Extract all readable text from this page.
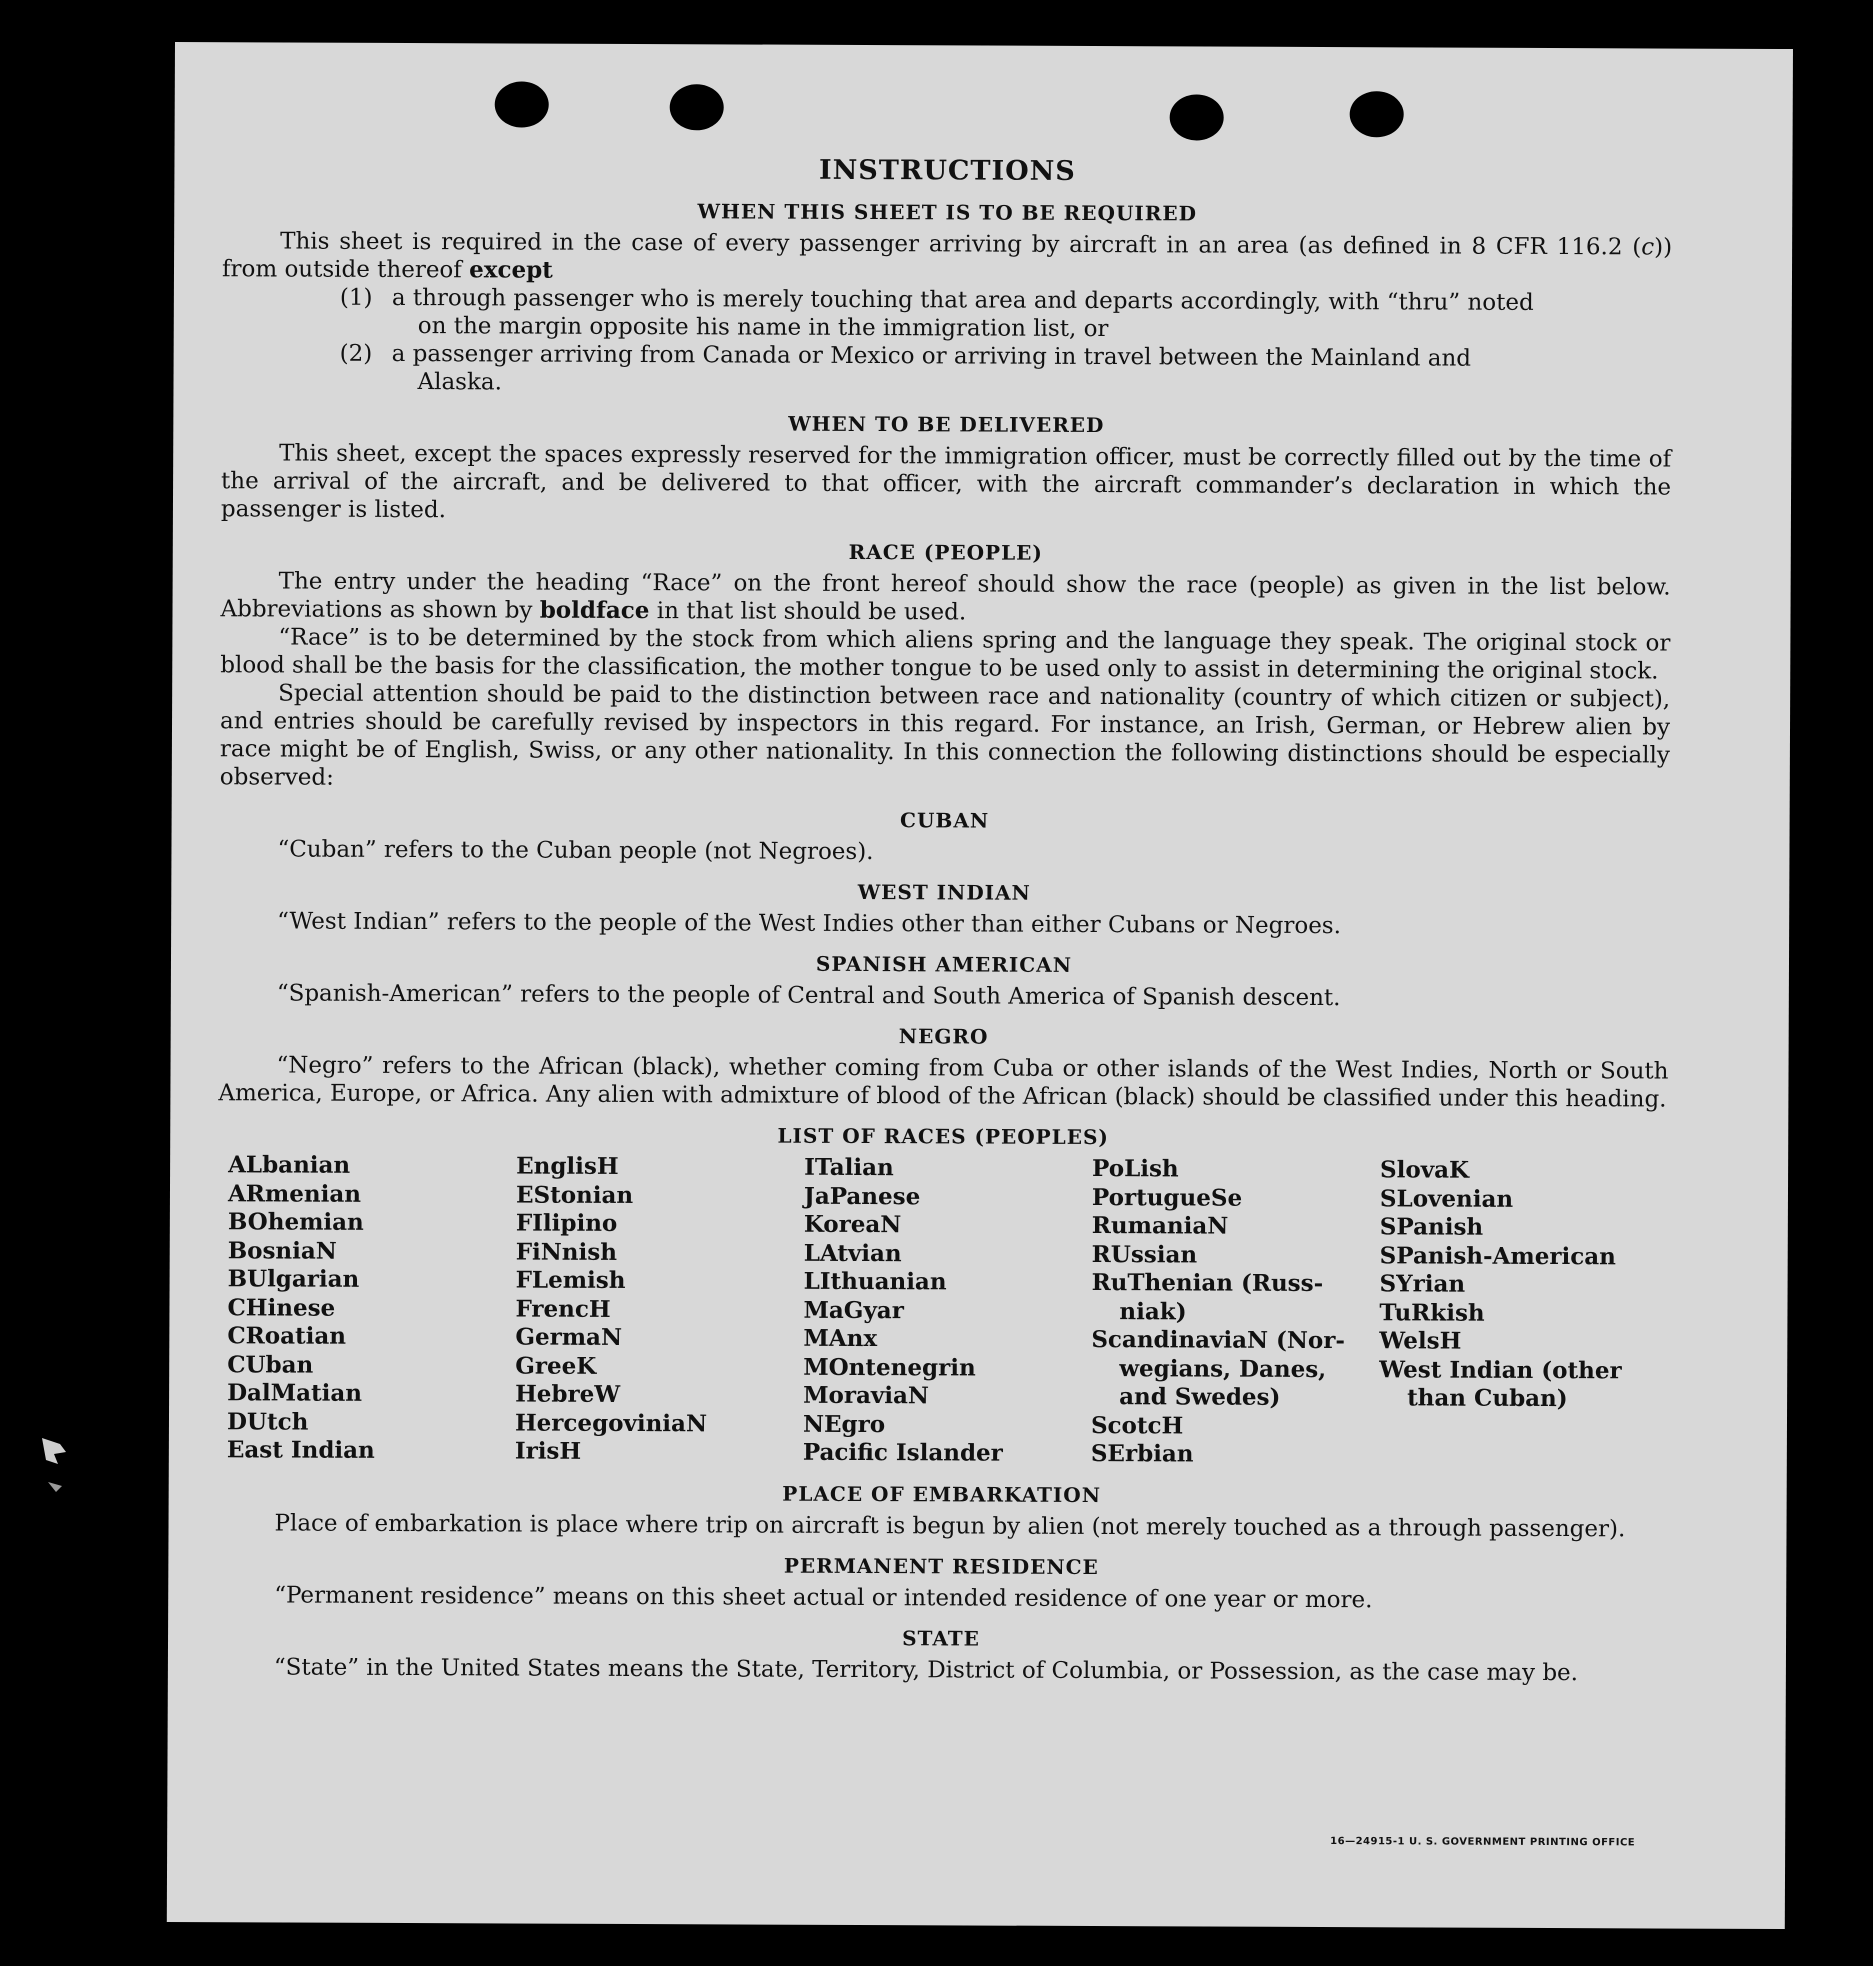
INSTRUCTIONS
WHEN THIS SHEET IS TO BE REQUIRED

This sheet is required in the case of every passenger arriving by aircraft in an area (as defined in 8 CFR 116.2 (c)) from outside thereof except

(1) a through passenger who is merely touching that area and departs accordingly, with “thru” noted
on the margin opposite his name in the immigration list, or
(2) a passenger arriving from Canada or Mexico or arriving in travel between the Mainland and
Alaska.
WHEN TO BE DELIVERED

This sheet, except the spaces expressly reserved for the immigration officer, must be correctly filled out by the time of the arrival of the aircraft, and be delivered to that officer, with the aircraft commander’s declaration in which the passenger is listed.

RACE (PEOPLE)

The entry under the heading “Race” on the front hereof should show the race (people) as given in the list below. Abbreviations as shown by boldface in that list should be used.

“Race” is to be determined by the stock from which aliens spring and the language they speak. The original stock or blood shall be the basis for the classification, the mother tongue to be used only to assist in determining the original stock.

Special attention should be paid to the distinction between race and nationality (country of which citizen or subject), and entries should be carefully revised by inspectors in this regard. For instance, an Irish, German, or Hebrew alien by race might be of English, Swiss, or any other nationality. In this connection the following distinctions should be especially observed:

CUBAN

“Cuban” refers to the Cuban people (not Negroes).

WEST INDIAN

“West Indian” refers to the people of the West Indies other than either Cubans or Negroes.

SPANISH AMERICAN

“Spanish-American” refers to the people of Central and South America of Spanish descent.

NEGRO

“Negro” refers to the African (black), whether coming from Cuba or other islands of the West Indies, North or South America, Europe, or Africa. Any alien with admixture of blood of the African (black) should be classified under this heading.

LIST OF RACES (PEOPLES)
ALbanian
ARmenian
BOhemian
BosniaN
BUlgarian
CHinese
CRoatian
CUban
DalMatian
DUtch
East Indian
EnglisH
EStonian
FIlipino
FiNnish
FLemish
FrencH
GermaN
GreeK
HebreW
HercegoviniaN
IrisH
ITalian
JaPanese
KoreaN
LAtvian
LIthuanian
MaGyar
MAnx
MOntenegrin
MoraviaN
NEgro
Pacific Islander
PoLish
PortugueSe
RumaniaN
RUssian
RuThenian (Russ-
niak)
ScandinaviaN (Nor-
wegians, Danes,
and Swedes)
ScotcH
SErbian
SlovaK
SLovenian
SPanish
SPanish-American
SYrian
TuRkish
WelsH
West Indian (other
than Cuban)
PLACE OF EMBARKATION

Place of embarkation is place where trip on aircraft is begun by alien (not merely touched as a through passenger).

PERMANENT RESIDENCE

“Permanent residence” means on this sheet actual or intended residence of one year or more.

STATE

“State” in the United States means the State, Territory, District of Columbia, or Possession, as the case may be.

16—24915-1 U. S. GOVERNMENT PRINTING OFFICE
